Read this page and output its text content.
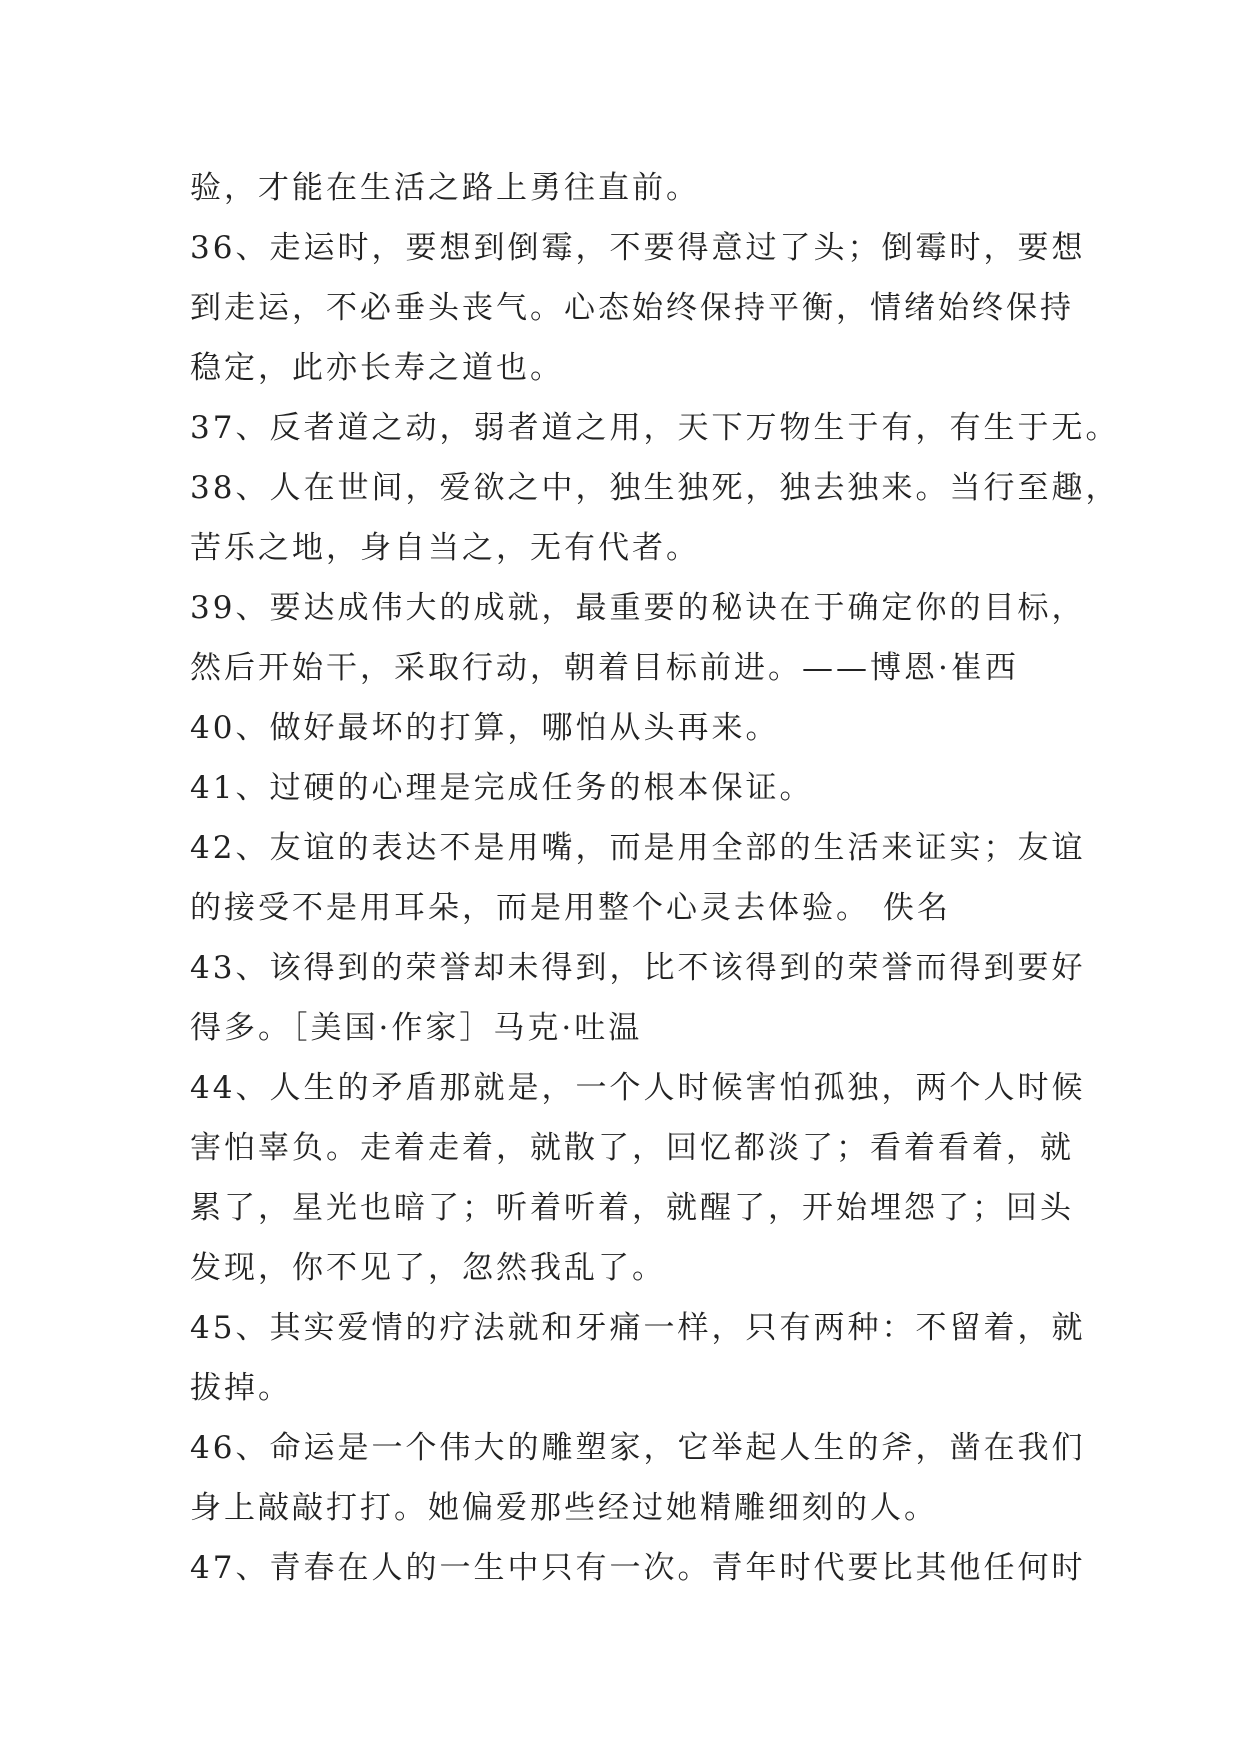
验，才能在生活之路上勇往直前。
36、走运时，要想到倒霉，不要得意过了头；倒霉时，要想
到走运，不必垂头丧气。心态始终保持平衡，情绪始终保持
稳定，此亦长寿之道也。
37、反者道之动，弱者道之用，天下万物生于有，有生于无。
38、人在世间，爱欲之中，独生独死，独去独来。当行至趣，
苦乐之地，身自当之，无有代者。
39、要达成伟大的成就，最重要的秘诀在于确定你的目标，
然后开始干，采取行动，朝着目标前进。——博恩·崔西
40、做好最坏的打算，哪怕从头再来。
41、过硬的心理是完成任务的根本保证。
42、友谊的表达不是用嘴，而是用全部的生活来证实；友谊
的接受不是用耳朵，而是用整个心灵去体验。 佚名
43、该得到的荣誉却未得到，比不该得到的荣誉而得到要好
得多。［美国·作家］马克·吐温
44、人生的矛盾那就是，一个人时候害怕孤独，两个人时候
害怕辜负。走着走着，就散了，回忆都淡了；看着看着，就
累了，星光也暗了；听着听着，就醒了，开始埋怨了；回头
发现，你不见了，忽然我乱了。
45、其实爱情的疗法就和牙痛一样，只有两种：不留着，就
拔掉。
46、命运是一个伟大的雕塑家，它举起人生的斧，凿在我们
身上敲敲打打。她偏爱那些经过她精雕细刻的人。
47、青春在人的一生中只有一次。青年时代要比其他任何时
